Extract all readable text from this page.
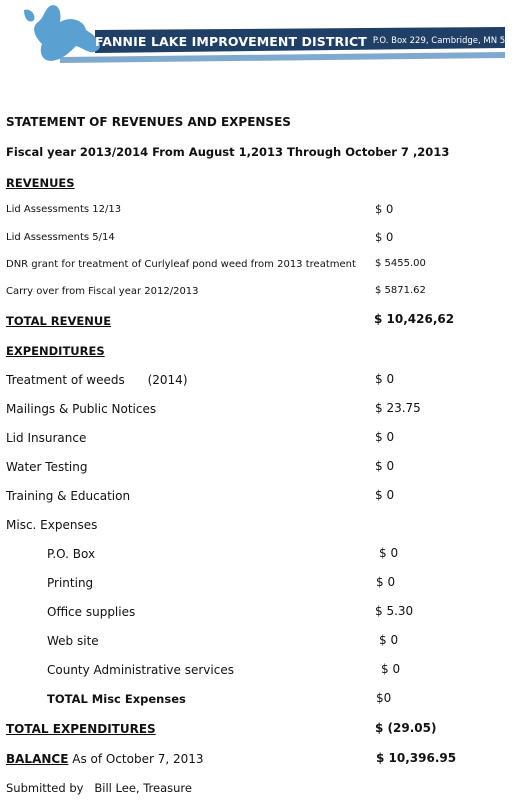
FANNIE LAKE IMPROVEMENT DISTRICT P.O. Box 229, Cambridge, MN 55008
STATEMENT OF REVENUES AND EXPENSES
Fiscal year 2013/2014 From August 1,2013 Through October 7 ,2013
REVENUES
Lid Assessments 12/13	$ 0
Lid Assessments 5/14	$ 0
DNR grant for treatment of Curlyleaf pond weed from 2013 treatment $ 5455.00
Carry over from Fiscal year 2012/2013	$ 5871.62
TOTAL REVENUE	$ 10,426,62
EXPENDITURES
Treatment of weeds      (2014)	$ 0
Mailings & Public Notices	$ 23.75
Lid Insurance	$ 0
Water Testing	$ 0
Training & Education	$ 0
Misc. Expenses
P.O. Box	$ 0
Printing	$ 0
Office supplies	$ 5.30
Web site	$ 0
County Administrative services	$ 0
TOTAL Misc Expenses	$0
TOTAL EXPENDITURES	$ (29.05)
BALANCE As of October 7, 2013	$ 10,396.95
Submitted by   Bill Lee, Treasure
